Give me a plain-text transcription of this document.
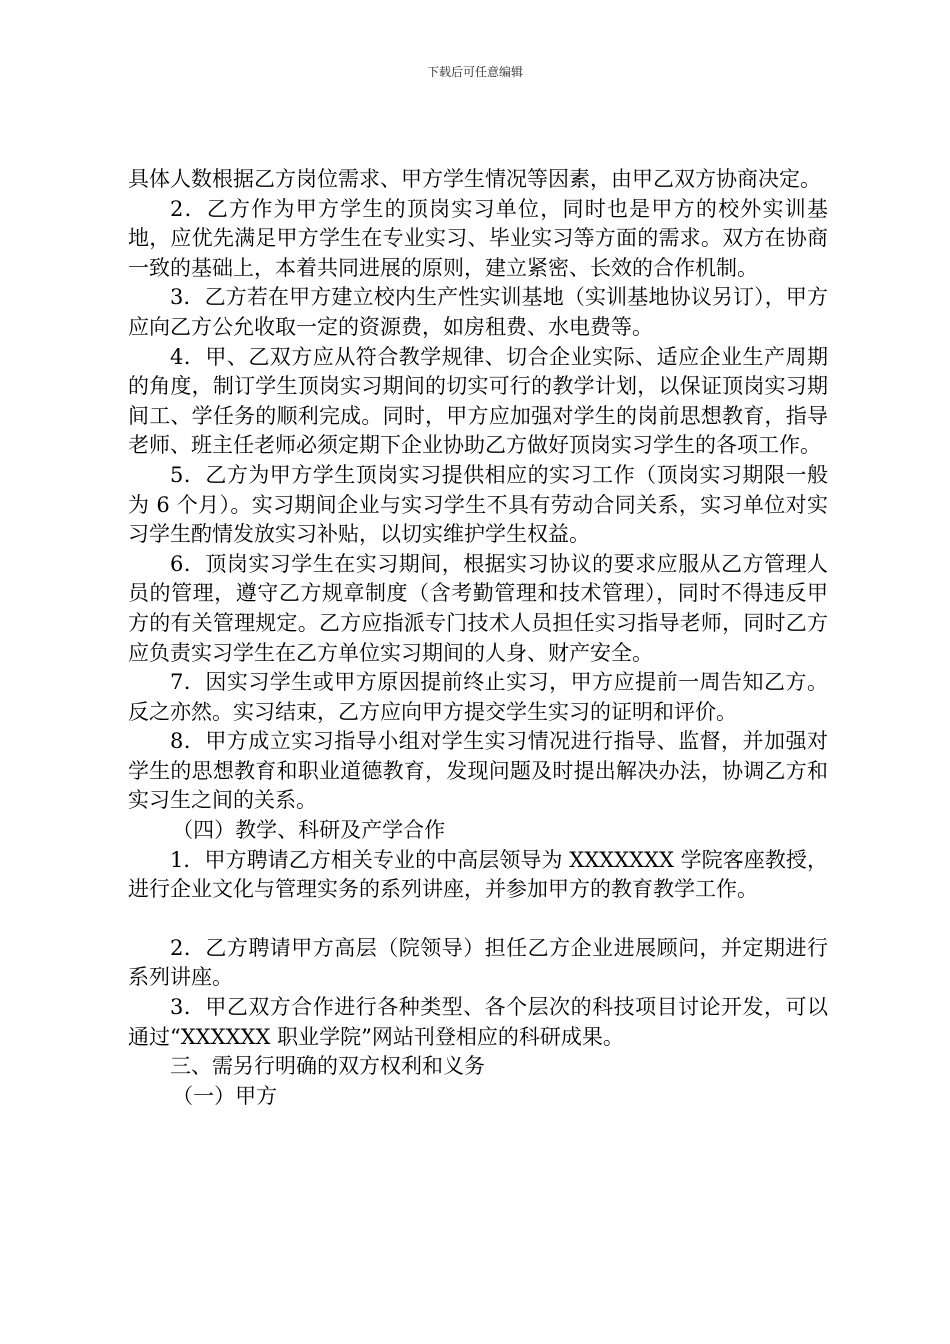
下载后可任意编辑

具体人数根据乙方岗位需求、甲方学生情况等因素，由甲乙双方协商决定。

2．乙方作为甲方学生的顶岗实习单位，同时也是甲方的校外实训基地，应优先满足甲方学生在专业实习、毕业实习等方面的需求。双方在协商一致的基础上，本着共同进展的原则，建立紧密、长效的合作机制。

3．乙方若在甲方建立校内生产性实训基地（实训基地协议另订），甲方应向乙方公允收取一定的资源费，如房租费、水电费等。

4．甲、乙双方应从符合教学规律、切合企业实际、适应企业生产周期的角度，制订学生顶岗实习期间的切实可行的教学计划，以保证顶岗实习期间工、学任务的顺利完成。同时，甲方应加强对学生的岗前思想教育，指导老师、班主任老师必须定期下企业协助乙方做好顶岗实习学生的各项工作。

5．乙方为甲方学生顶岗实习提供相应的实习工作（顶岗实习期限一般为 6 个月）。实习期间企业与实习学生不具有劳动合同关系，实习单位对实习学生酌情发放实习补贴，以切实维护学生权益。

6．顶岗实习学生在实习期间，根据实习协议的要求应服从乙方管理人员的管理，遵守乙方规章制度（含考勤管理和技术管理），同时不得违反甲方的有关管理规定。乙方应指派专门技术人员担任实习指导老师，同时乙方应负责实习学生在乙方单位实习期间的人身、财产安全。

7．因实习学生或甲方原因提前终止实习，甲方应提前一周告知乙方。反之亦然。实习结束，乙方应向甲方提交学生实习的证明和评价。

8．甲方成立实习指导小组对学生实习情况进行指导、监督，并加强对学生的思想教育和职业道德教育，发现问题及时提出解决办法，协调乙方和实习生之间的关系。

（四）教学、科研及产学合作

1．甲方聘请乙方相关专业的中高层领导为 XXXXXXX 学院客座教授，进行企业文化与管理实务的系列讲座，并参加甲方的教育教学工作。

2．乙方聘请甲方高层（院领导）担任乙方企业进展顾问，并定期进行系列讲座。

3．甲乙双方合作进行各种类型、各个层次的科技项目讨论开发，可以通过“XXXXXX 职业学院”网站刊登相应的科研成果。

三、需另行明确的双方权利和义务

（一）甲方
